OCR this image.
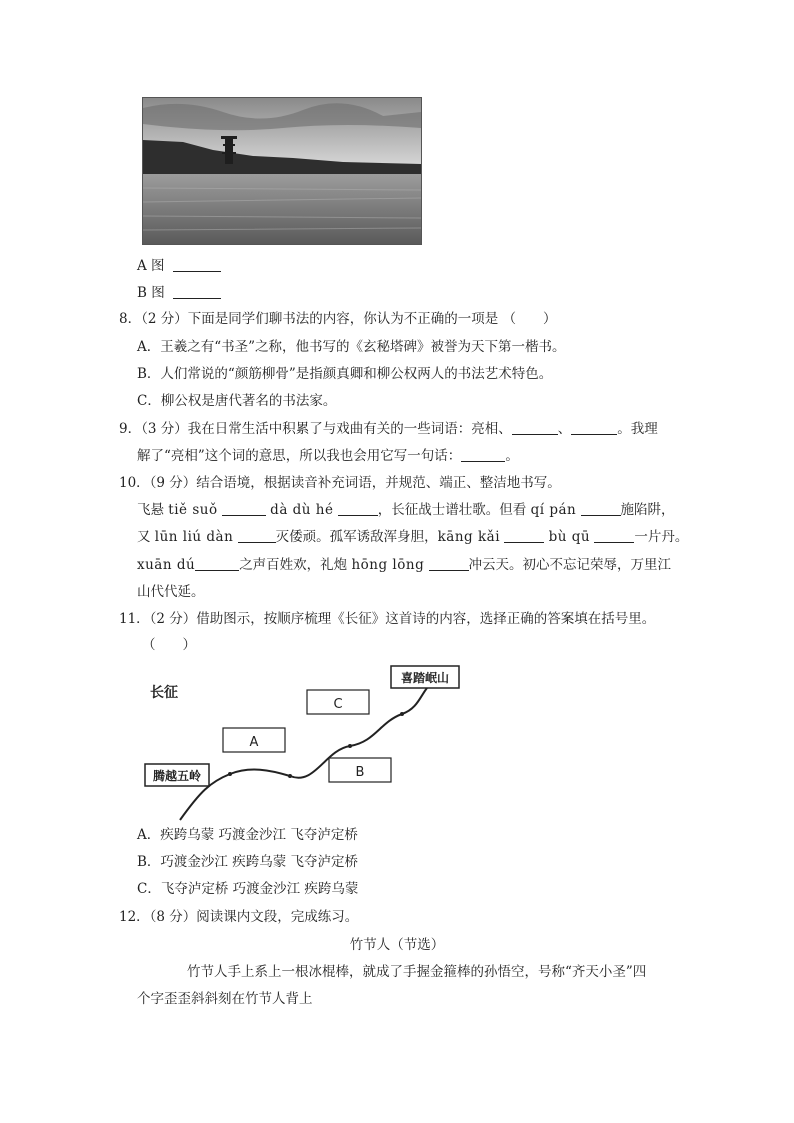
A 图
B 图
8．（2 分）下面是同学们聊书法的内容，你认为不正确的一项是 （　　）
A．王羲之有“书圣”之称，他书写的《玄秘塔碑》被誉为天下第一楷书。
B．人们常说的“颜筋柳骨”是指颜真卿和柳公权两人的书法艺术特色。
C．柳公权是唐代著名的书法家。
9．（3 分）我在日常生活中积累了与戏曲有关的一些词语：亮相、	、	。我理
解了“亮相”这个词的意思，所以我也会用它写一句话：	。
10．（9 分）结合语境，根据读音补充词语，并规范、端正、整洁地书写。
飞悬 tiě suǒ	dà dù hé	，长征战士谱壮歌。但看 qí pán	施陷阱，
又 lūn liú dàn	灭倭顽。孤军诱敌浑身胆，kāng kǎi	bù qū	一片丹。
xuān dú	之声百姓欢，礼炮 hōng lōng	冲云天。初心不忘记荣辱，万里江
山代代延。
11．（2 分）借助图示，按顺序梳理《长征》这首诗的内容，选择正确的答案填在括号里。
（　　）
长征
腾越五岭
A
B
C
喜踏岷山
A．疾跨乌蒙 巧渡金沙江 飞夺泸定桥
B．巧渡金沙江 疾跨乌蒙 飞夺泸定桥
C．飞夺泸定桥 巧渡金沙江 疾跨乌蒙
12．（8 分）阅读课内文段，完成练习。
竹节人（节选）
竹节人手上系上一根冰棍棒，就成了手握金箍棒的孙悟空，号称“齐天小圣”四
个字歪歪斜斜刻在竹节人背上
